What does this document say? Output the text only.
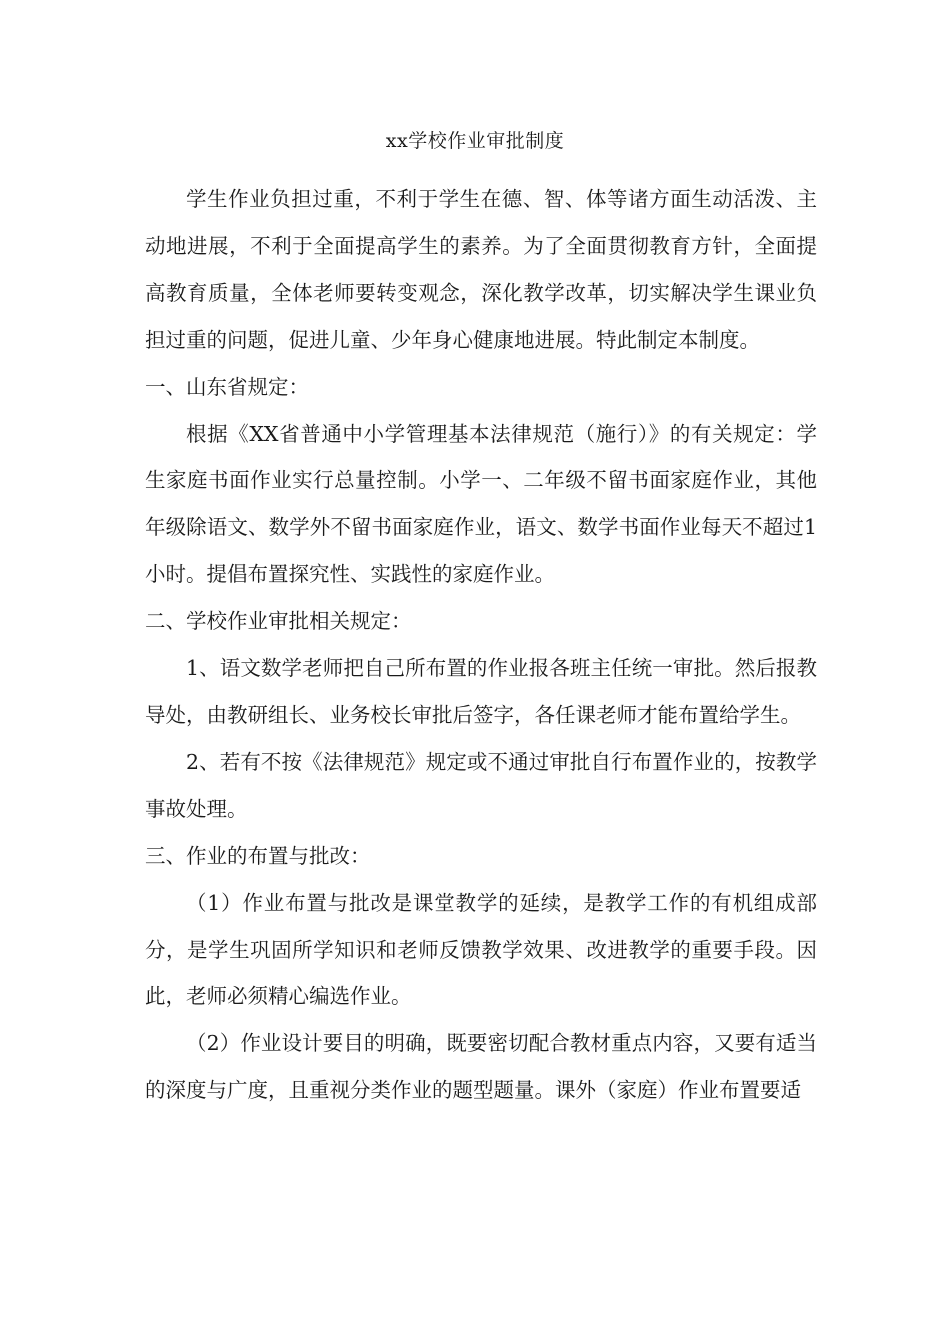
xx学校作业审批制度

学生作业负担过重，不利于学生在德、智、体等诸方面生动活泼、主动地进展，不利于全面提高学生的素养。为了全面贯彻教育方针，全面提高教育质量，全体老师要转变观念，深化教学改革，切实解决学生课业负担过重的问题，促进儿童、少年身心健康地进展。特此制定本制度。

一、山东省规定：

根据《XX省普通中小学管理基本法律规范（施行）》的有关规定：学生家庭书面作业实行总量控制。小学一、二年级不留书面家庭作业，其他年级除语文、数学外不留书面家庭作业，语文、数学书面作业每天不超过1小时。提倡布置探究性、实践性的家庭作业。

二、学校作业审批相关规定：

1、语文数学老师把自己所布置的作业报各班主任统一审批。然后报教导处，由教研组长、业务校长审批后签字，各任课老师才能布置给学生。

2、若有不按《法律规范》规定或不通过审批自行布置作业的，按教学事故处理。

三、作业的布置与批改：

（1）作业布置与批改是课堂教学的延续，是教学工作的有机组成部分，是学生巩固所学知识和老师反馈教学效果、改进教学的重要手段。因此，老师必须精心编选作业。

（2）作业设计要目的明确，既要密切配合教材重点内容，又要有适当的深度与广度，且重视分类作业的题型题量。课外（家庭）作业布置要适
